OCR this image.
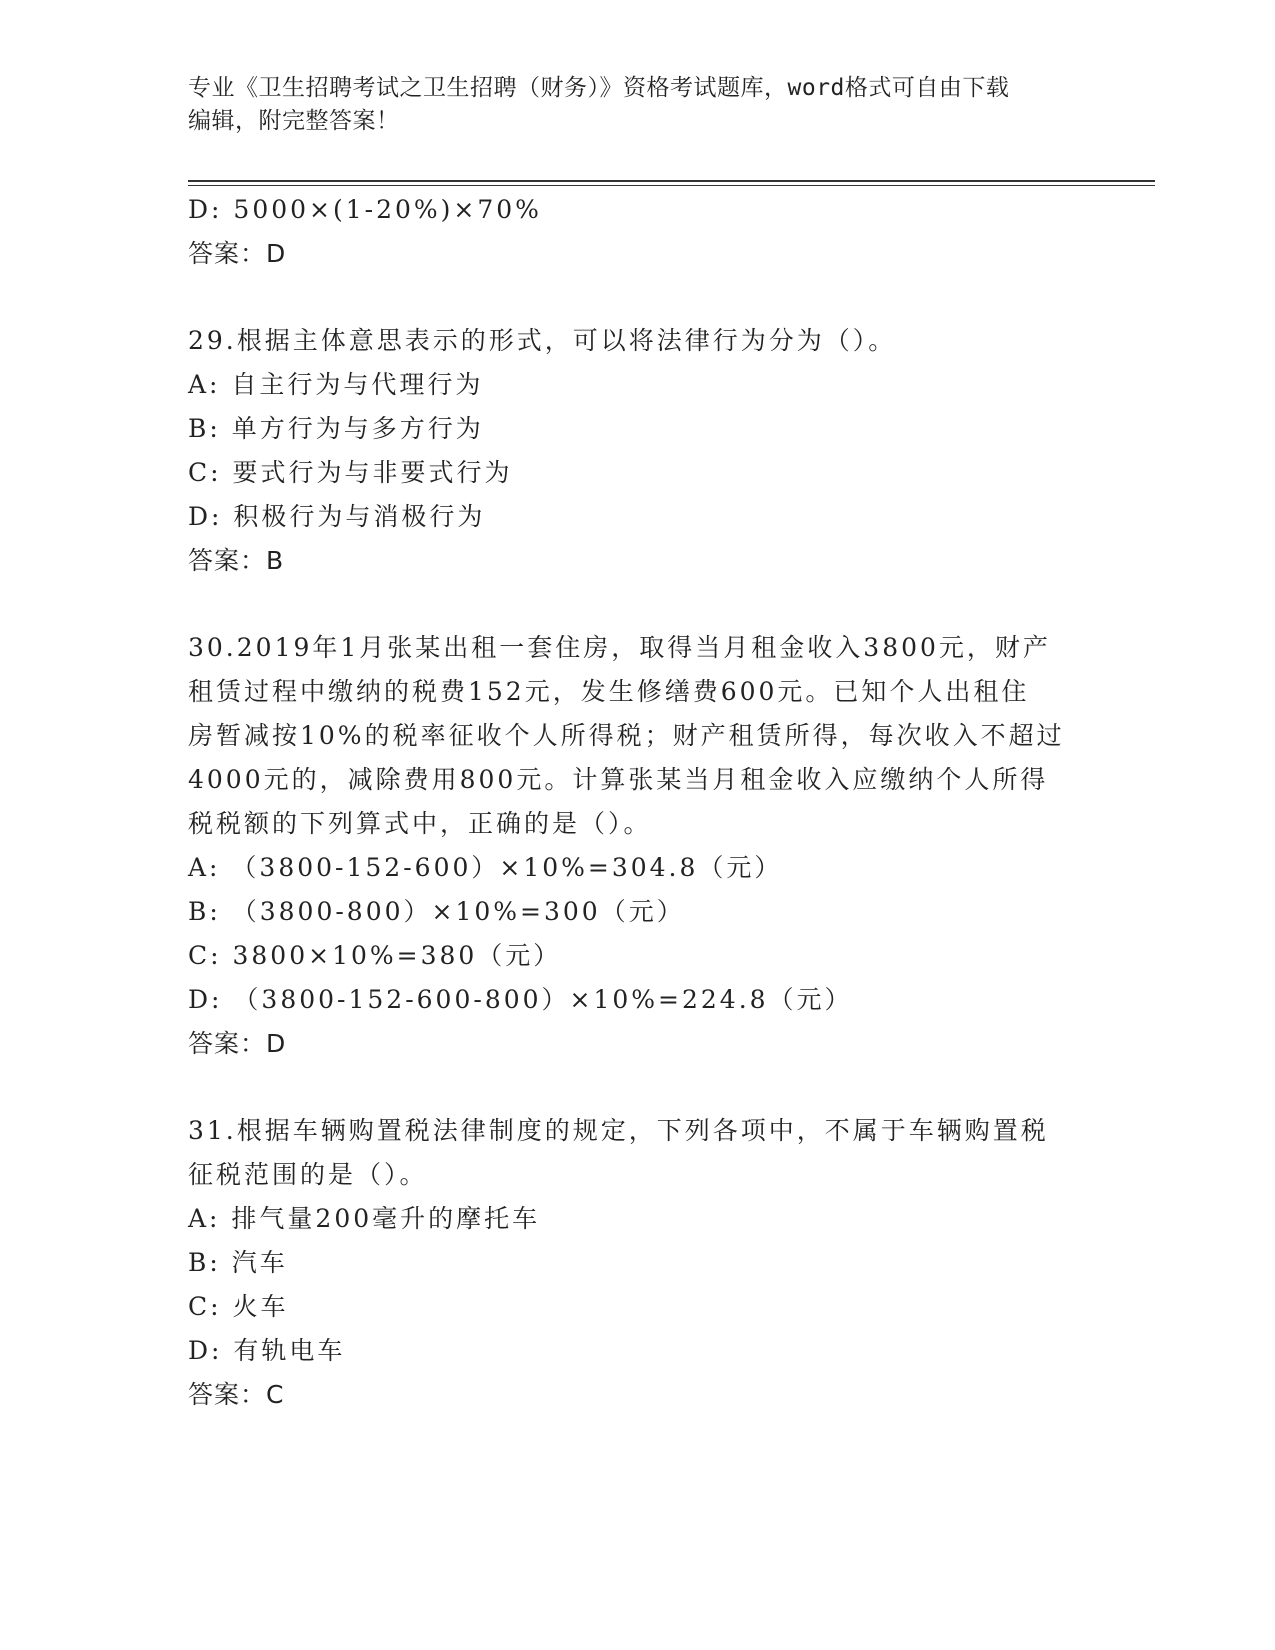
专业《卫生招聘考试之卫生招聘（财务）》资格考试题库，word格式可自由下载
编辑，附完整答案！
D: 5000×(1-20%)×70%
答案：D
29.根据主体意思表示的形式，可以将法律行为分为（）。
A: 自主行为与代理行为
B: 单方行为与多方行为
C: 要式行为与非要式行为
D: 积极行为与消极行为
答案：B
30.2019年1月张某出租一套住房，取得当月租金收入3800元，财产
租赁过程中缴纳的税费152元，发生修缮费600元。已知个人出租住
房暂减按10%的税率征收个人所得税；财产租赁所得，每次收入不超过
4000元的，减除费用800元。计算张某当月租金收入应缴纳个人所得
税税额的下列算式中，正确的是（）。
A: （3800-152-600）×10%=304.8（元）
B: （3800-800）×10%=300（元）
C: 3800×10%=380（元）
D: （3800-152-600-800）×10%=224.8（元）
答案：D
31.根据车辆购置税法律制度的规定，下列各项中，不属于车辆购置税
征税范围的是（）。
A: 排气量200毫升的摩托车
B: 汽车
C: 火车
D: 有轨电车
答案：C
